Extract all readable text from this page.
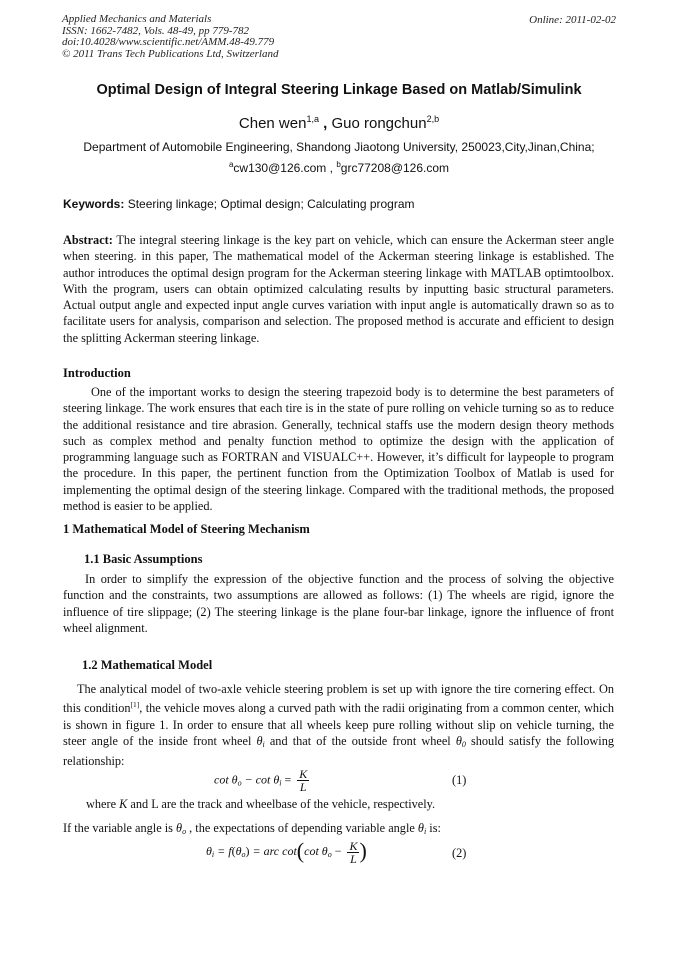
Applied Mechanics and Materials
ISSN: 1662-7482, Vols. 48-49, pp 779-782
doi:10.4028/www.scientific.net/AMM.48-49.779
© 2011 Trans Tech Publications Ltd, Switzerland
Online: 2011-02-02
Optimal Design of Integral Steering Linkage Based on Matlab/Simulink
Chen wen$^{1,a}$ , Guo rongchun$^{2,b}$
Department of Automobile Engineering, Shandong Jiaotong University, 250023,City,Jinan,China;
$^a$cw130@126.com , $^b$grc77208@126.com
Keywords: Steering linkage; Optimal design; Calculating program
Abstract: The integral steering linkage is the key part on vehicle, which can ensure the Ackerman steer angle when steering. in this paper, The mathematical model of the Ackerman steering linkage is established. The author introduces the optimal design program for the Ackerman steering linkage with MATLAB optimtoolbox. With the program, users can obtain optimized calculating results by inputting basic structural parameters. Actual output angle and expected input angle curves variation with input angle is automatically drawn so as to facilitate users for analysis, comparison and selection. The proposed method is accurate and efficient to design the splitting Ackerman steering linkage.
Introduction
One of the important works to design the steering trapezoid body is to determine the best parameters of steering linkage. The work ensures that each tire is in the state of pure rolling on vehicle turning so as to reduce the additional resistance and tire abrasion. Generally, technical staffs use the modern design theory methods such as complex method and penalty function method to optimize the design with the application of programming language such as FORTRAN and VISUALC++. However, it’s difficult for laypeople to program the procedure. In this paper, the pertinent function from the Optimization Toolbox of Matlab is used for implementing the optimal design of the steering linkage. Compared with the traditional methods, the proposed method is easier to be applied.
1 Mathematical Model of Steering Mechanism
1.1 Basic Assumptions
In order to simplify the expression of the objective function and the process of solving the objective function and the constraints, two assumptions are allowed as follows: (1) The wheels are rigid, ignore the influence of tire slippage; (2) The steering linkage is the plane four-bar linkage, ignore the influence of front wheel alignment.
1.2 Mathematical Model
The analytical model of two-axle vehicle steering problem is set up with ignore the tire cornering effect. On this condition[1], the vehicle moves along a curved path with the radii originating from a common center, which is shown in figure 1. In order to ensure that all wheels keep pure rolling without slip on vehicle turning, the steer angle of the inside front wheel $\theta_i$ and that of the outside front wheel $\theta_0$ should satisfy the following relationship:
$\cot \theta_o - \cot \theta_i = \frac{K}{L}$	(1)
where K and L are the track and wheelbase of the vehicle, respectively.
If the variable angle is $\theta_o$ , the expectations of depending variable angle $\theta_i$ is:
$\theta_i = f(\theta_o)$ = arc cot(cot $\theta_o - \frac{K}{L}$ )	(2)
